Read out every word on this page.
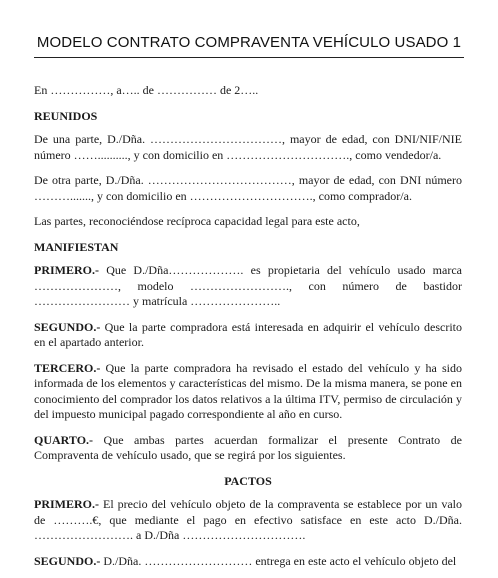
MODELO CONTRATO COMPRAVENTA VEHÍCULO USADO 1

En ……………, a….. de …………… de 2…..

REUNIDOS

De una parte, D./Dña. ……………………………, mayor de edad, con DNI/NIF/NIE número …….........., y con domicilio en …………………………., como vendedor/a.

De otra parte, D./Dña. ………………………………, mayor de edad, con DNI número ………......., y con domicilio en …………………………., como comprador/a.

Las partes, reconociéndose recíproca capacidad legal para este acto,

MANIFIESTAN

PRIMERO.- Que D./Dña………………. es propietaria del vehículo usado marca …………………, modelo ……………………., con número de bastidor …………………… y matrícula …………………..

SEGUNDO.- Que la parte compradora está interesada en adquirir el vehículo descrito en el apartado anterior.

TERCERO.- Que la parte compradora ha revisado el estado del vehículo y ha sido informada de los elementos y características del mismo. De la misma manera, se pone en conocimiento del comprador los datos relativos a la última ITV, permiso de circulación y del impuesto municipal pagado correspondiente al año en curso.

QUARTO.- Que ambas partes acuerdan formalizar el presente Contrato de Compraventa de vehículo usado, que se regirá por los siguientes.

PACTOS

PRIMERO.- El precio del vehículo objeto de la compraventa se establece por un valo de ……….€, que mediante el pago en efectivo satisface en este acto D./Dña. ……………………. a D./Dña ………………………….

SEGUNDO.- D./Dña. ……………………… entrega en este acto el vehículo objeto del
